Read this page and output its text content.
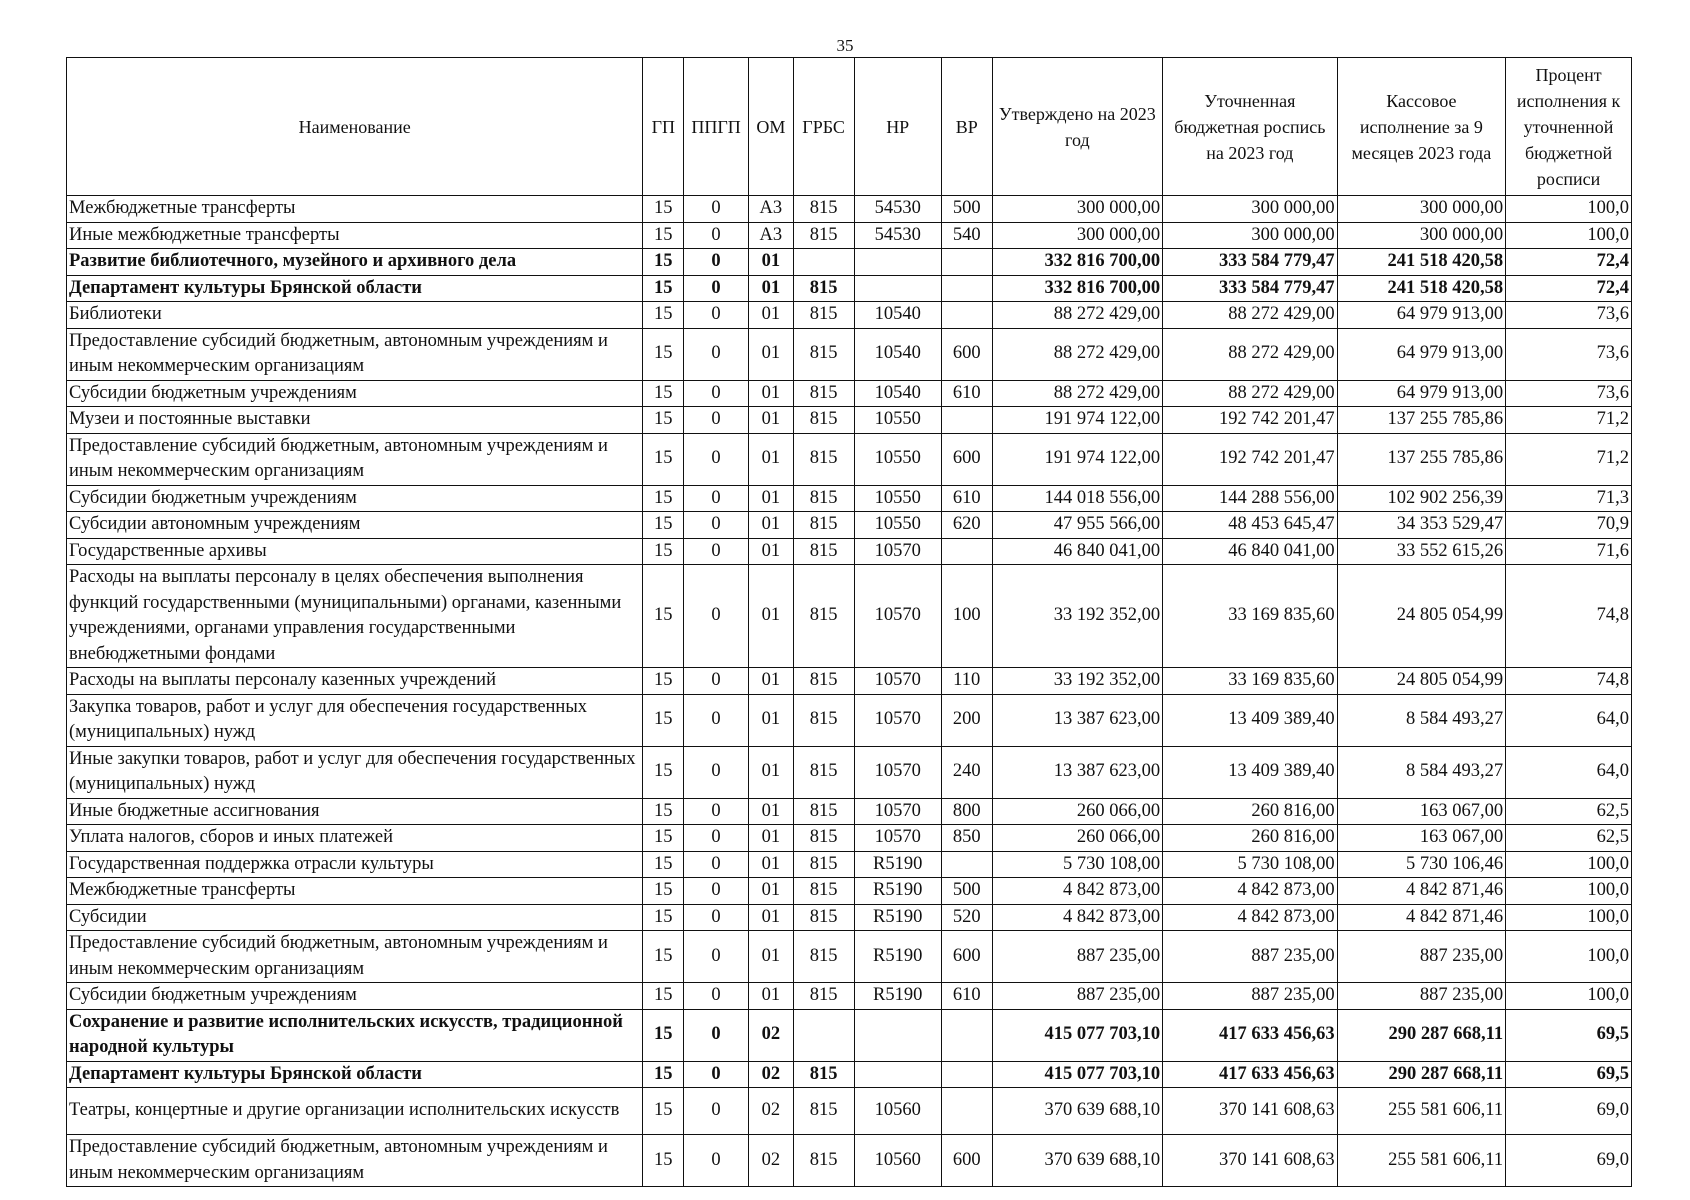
35
Наименование	ГП	ППГП	ОМ	ГРБС	НР	ВР	Утверждено на 2023 год	Уточненная бюджетная роспись на 2023 год	Кассовое исполнение за 9 месяцев 2023 года	Процент исполнения к уточненной бюджетной росписи
Межбюджетные трансферты	15	0	А3	815	54530	500	300 000,00	300 000,00	300 000,00	100,0
Иные межбюджетные трансферты	15	0	А3	815	54530	540	300 000,00	300 000,00	300 000,00	100,0
Развитие библиотечного, музейного и архивного дела	15	0	01				332 816 700,00	333 584 779,47	241 518 420,58	72,4
Департамент культуры Брянской области	15	0	01	815			332 816 700,00	333 584 779,47	241 518 420,58	72,4
Библиотеки	15	0	01	815	10540		88 272 429,00	88 272 429,00	64 979 913,00	73,6
Предоставление субсидий бюджетным, автономным учреждениям и иным некоммерческим организациям	15	0	01	815	10540	600	88 272 429,00	88 272 429,00	64 979 913,00	73,6
Субсидии бюджетным учреждениям	15	0	01	815	10540	610	88 272 429,00	88 272 429,00	64 979 913,00	73,6
Музеи и постоянные выставки	15	0	01	815	10550		191 974 122,00	192 742 201,47	137 255 785,86	71,2
Предоставление субсидий бюджетным, автономным учреждениям и иным некоммерческим организациям	15	0	01	815	10550	600	191 974 122,00	192 742 201,47	137 255 785,86	71,2
Субсидии бюджетным учреждениям	15	0	01	815	10550	610	144 018 556,00	144 288 556,00	102 902 256,39	71,3
Субсидии автономным учреждениям	15	0	01	815	10550	620	47 955 566,00	48 453 645,47	34 353 529,47	70,9
Государственные архивы	15	0	01	815	10570		46 840 041,00	46 840 041,00	33 552 615,26	71,6
Расходы на выплаты персоналу в целях обеспечения выполнения функций государственными (муниципальными) органами, казенными учреждениями, органами управления государственными внебюджетными фондами	15	0	01	815	10570	100	33 192 352,00	33 169 835,60	24 805 054,99	74,8
Расходы на выплаты персоналу казенных учреждений	15	0	01	815	10570	110	33 192 352,00	33 169 835,60	24 805 054,99	74,8
Закупка товаров, работ и услуг для обеспечения государственных (муниципальных) нужд	15	0	01	815	10570	200	13 387 623,00	13 409 389,40	8 584 493,27	64,0
Иные закупки товаров, работ и услуг для обеспечения государственных (муниципальных) нужд	15	0	01	815	10570	240	13 387 623,00	13 409 389,40	8 584 493,27	64,0
Иные бюджетные ассигнования	15	0	01	815	10570	800	260 066,00	260 816,00	163 067,00	62,5
Уплата налогов, сборов и иных платежей	15	0	01	815	10570	850	260 066,00	260 816,00	163 067,00	62,5
Государственная поддержка отрасли культуры	15	0	01	815	R5190		5 730 108,00	5 730 108,00	5 730 106,46	100,0
Межбюджетные трансферты	15	0	01	815	R5190	500	4 842 873,00	4 842 873,00	4 842 871,46	100,0
Субсидии	15	0	01	815	R5190	520	4 842 873,00	4 842 873,00	4 842 871,46	100,0
Предоставление субсидий бюджетным, автономным учреждениям и иным некоммерческим организациям	15	0	01	815	R5190	600	887 235,00	887 235,00	887 235,00	100,0
Субсидии бюджетным учреждениям	15	0	01	815	R5190	610	887 235,00	887 235,00	887 235,00	100,0
Сохранение и развитие исполнительских искусств, традиционной народной культуры	15	0	02				415 077 703,10	417 633 456,63	290 287 668,11	69,5
Департамент культуры Брянской области	15	0	02	815			415 077 703,10	417 633 456,63	290 287 668,11	69,5
Театры, концертные и другие организации исполнительских искусств	15	0	02	815	10560		370 639 688,10	370 141 608,63	255 581 606,11	69,0
Предоставление субсидий бюджетным, автономным учреждениям и иным некоммерческим организациям	15	0	02	815	10560	600	370 639 688,10	370 141 608,63	255 581 606,11	69,0
